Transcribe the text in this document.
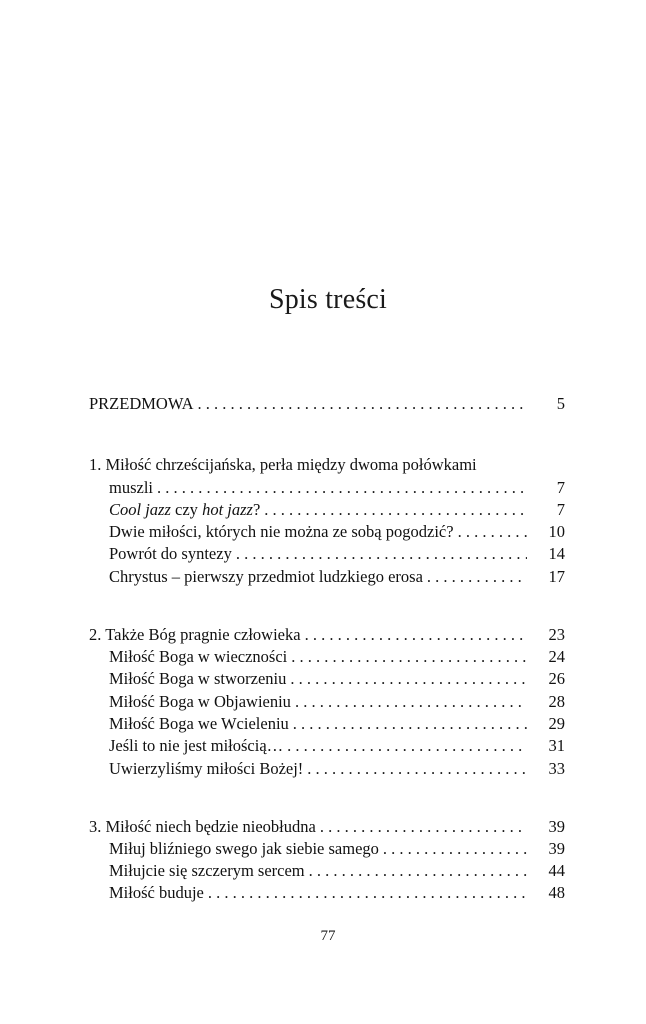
Spis treści
PRZEDMOWA . . .	5
1. Miłość chrześcijańska, perła między dwoma połówkami
muszli . . .	7
Cool jazz czy hot jazz? . . .	7
Dwie miłości, których nie można ze sobą pogodzić? . . .	10
Powrót do syntezy . . .	14
Chrystus – pierwszy przedmiot ludzkiego erosa . . .	17
2. Także Bóg pragnie człowieka . . .	23
Miłość Boga w wieczności . . .	24
Miłość Boga w stworzeniu . . .	26
Miłość Boga w Objawieniu . . .	28
Miłość Boga we Wcieleniu . . .	29
Jeśli to nie jest miłością… . . .	31
Uwierzyliśmy miłości Bożej! . . .	33
3. Miłość niech będzie nieobłudna . . .	39
Miłuj bliźniego swego jak siebie samego . . .	39
Miłujcie się szczerym sercem . . .	44
Miłość buduje . . .	48
77
